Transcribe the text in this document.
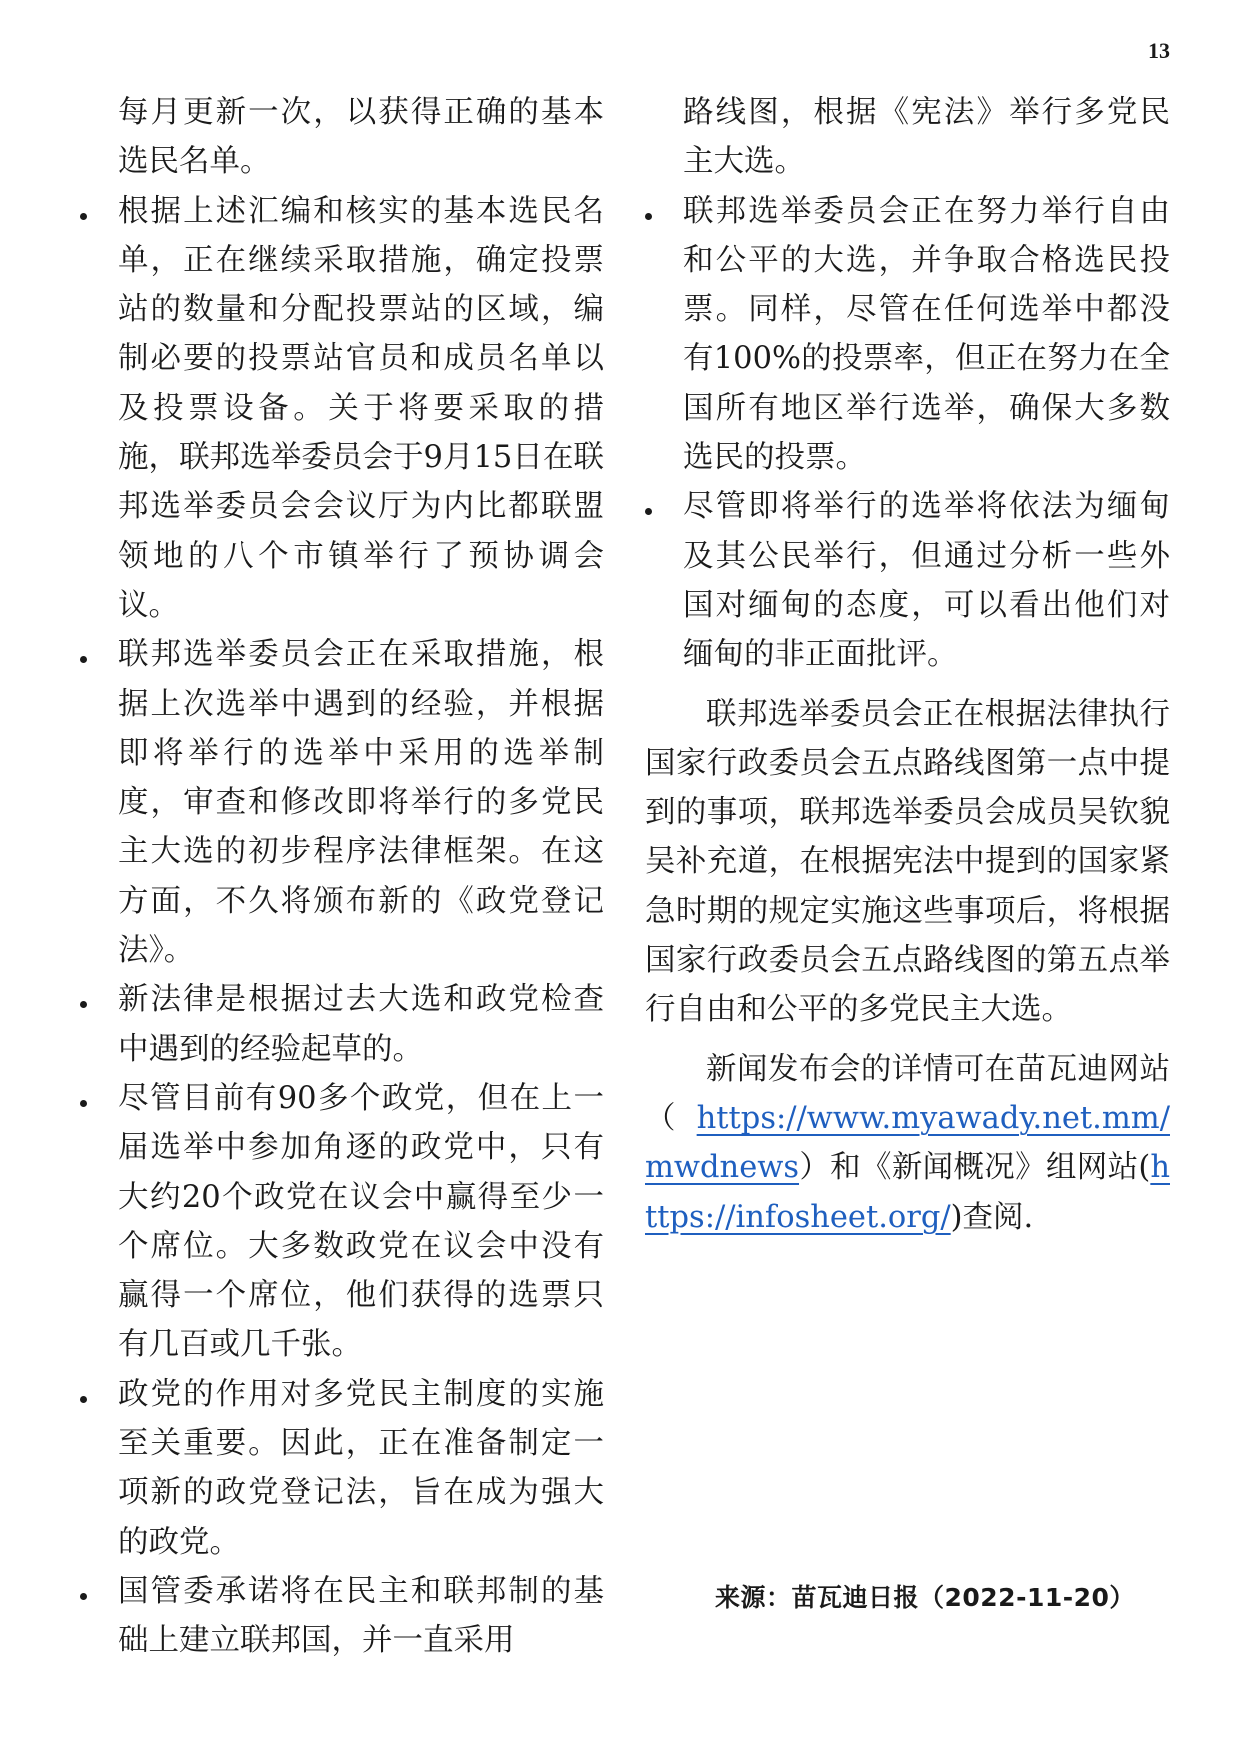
13

每月更新一次，以获得正确的基本选民名单。

根据上述汇编和核实的基本选民名单，正在继续采取措施，确定投票站的数量和分配投票站的区域，编制必要的投票站官员和成员名单以及投票设备。关于将要采取的措施，联邦选举委员会于9月15日在联邦选举委员会会议厅为内比都联盟领地的八个市镇举行了预协调会议。

联邦选举委员会正在采取措施，根据上次选举中遇到的经验，并根据即将举行的选举中采用的选举制度，审查和修改即将举行的多党民主大选的初步程序法律框架。在这方面，不久将颁布新的《政党登记法》。

新法律是根据过去大选和政党检查中遇到的经验起草的。

尽管目前有90多个政党，但在上一届选举中参加角逐的政党中，只有大约20个政党在议会中赢得至少一个席位。大多数政党在议会中没有赢得一个席位，他们获得的选票只有几百或几千张。

政党的作用对多党民主制度的实施至关重要。因此，正在准备制定一项新的政党登记法，旨在成为强大的政党。

国管委承诺将在民主和联邦制的基础上建立联邦国，并一直采用

路线图，根据《宪法》举行多党民主大选。

联邦选举委员会正在努力举行自由和公平的大选，并争取合格选民投票。同样，尽管在任何选举中都没有100%的投票率，但正在努力在全国所有地区举行选举，确保大多数选民的投票。

尽管即将举行的选举将依法为缅甸及其公民举行，但通过分析一些外国对缅甸的态度，可以看出他们对缅甸的非正面批评。

联邦选举委员会正在根据法律执行国家行政委员会五点路线图第一点中提到的事项，联邦选举委员会成员吴钦貌吴补充道，在根据宪法中提到的国家紧急时期的规定实施这些事项后，将根据国家行政委员会五点路线图的第五点举行自由和公平的多党民主大选。

新闻发布会的详情可在苗瓦迪网站（https://www.myawady.net.mm/mwdnews）和《新闻概况》组网站(https://infosheet.org/)查阅.

来源：苗瓦迪日报（2022-11-20）
